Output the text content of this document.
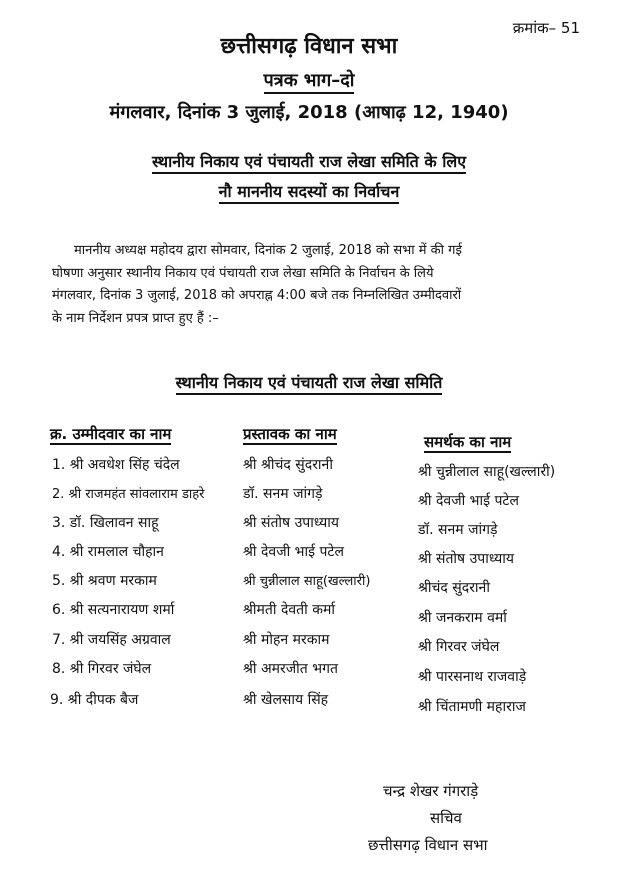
क्रमांक– 51
छत्तीसगढ़ विधान सभा
पत्रक भाग–दो
मंगलवार, दिनांक 3 जुलाई, 2018 (आषाढ़ 12, 1940)
स्थानीय निकाय एवं पंचायती राज लेखा समिति के लिए
नौ माननीय सदस्यों का निर्वाचन
माननीय अध्यक्ष महोदय द्वारा सोमवार, दिनांक 2 जुलाई, 2018 को सभा में की गई
घोषणा अनुसार स्थानीय निकाय एवं पंचायती राज लेखा समिति के निर्वाचन के लिये
मंगलवार, दिनांक 3 जुलाई, 2018 को अपराह्न 4:00 बजे तक निम्नलिखित उम्मीदवारों
के नाम निर्देशन प्रपत्र प्राप्त हुए हैं :–
स्थानीय निकाय एवं पंचायती राज लेखा समिति
क्र. उम्मीदवार का नाम	प्रस्तावक का नाम	समर्थक का नाम
1. श्री अवधेश सिंह चंदेल
2. श्री राजमहंत सांवलाराम डाहरे
3. डॉ. खिलावन साहू
4. श्री रामलाल चौहान
5. श्री श्रवण मरकाम
6. श्री सत्यनारायण शर्मा
7. श्री जयसिंह अग्रवाल
8. श्री गिरवर जंघेल
9. श्री दीपक बैज
श्री श्रीचंद सुंदरानी
डॉ. सनम जांगड़े
श्री संतोष उपाध्याय
श्री देवजी भाई पटेल
श्री चुन्नीलाल साहू(खल्लारी)
श्रीमती देवती कर्मा
श्री मोहन मरकाम
श्री अमरजीत भगत
श्री खेलसाय सिंह
श्री चुन्नीलाल साहू(खल्लारी)
श्री देवजी भाई पटेल
डॉ. सनम जांगड़े
श्री संतोष उपाध्याय
श्रीचंद सुंदरानी
श्री जनकराम वर्मा
श्री गिरवर जंघेल
श्री पारसनाथ राजवाड़े
श्री चिंतामणी महाराज
चन्द्र शेखर गंगराड़े
सचिव
छत्तीसगढ़ विधान सभा
